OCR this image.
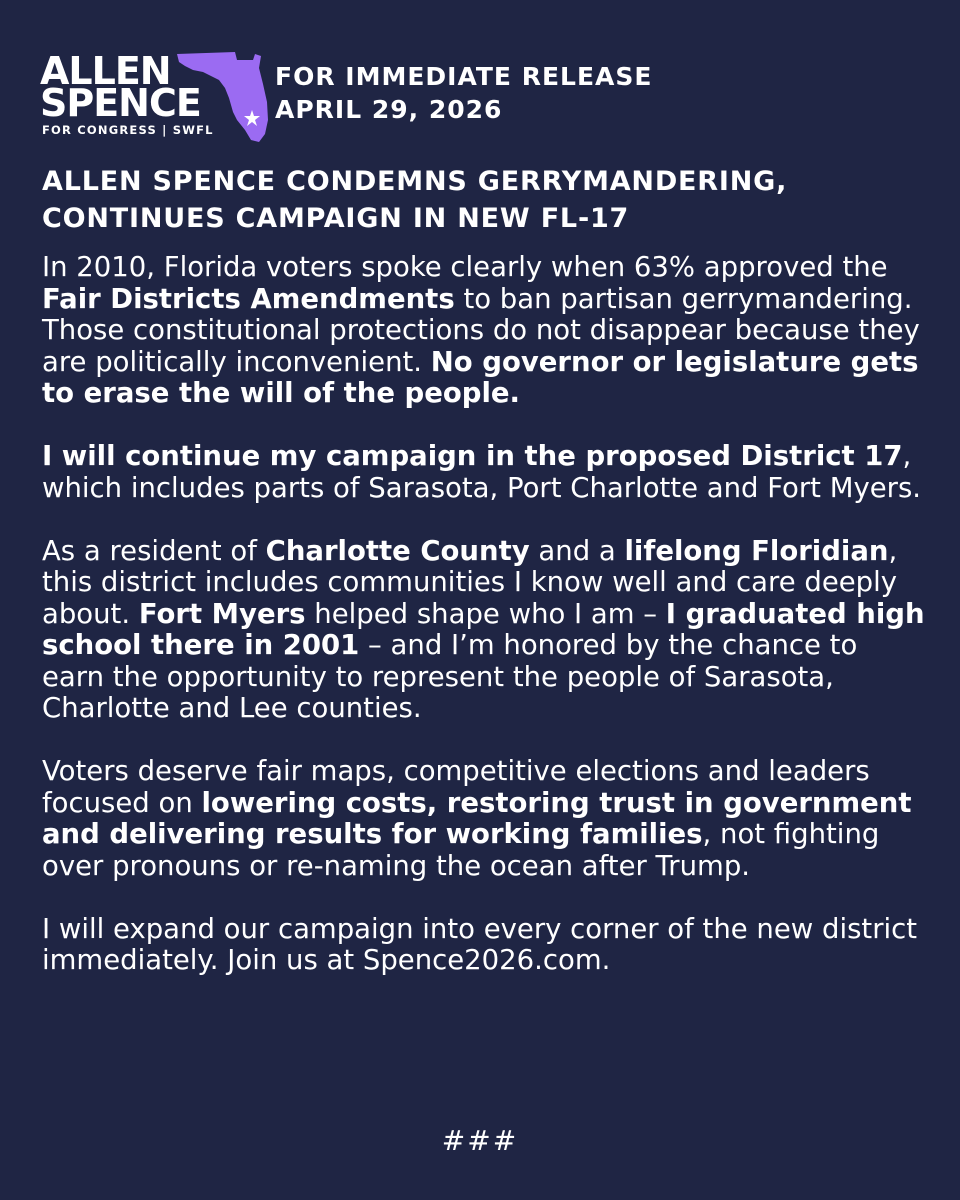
ALLEN
SPENCE
FOR CONGRESS | SWFL
FOR IMMEDIATE RELEASE
APRIL 29, 2026
ALLEN SPENCE CONDEMNS GERRYMANDERING,
CONTINUES CAMPAIGN IN NEW FL-17

In 2010, Florida voters spoke clearly when 63% approved the Fair Districts Amendments to ban partisan gerrymandering. Those constitutional protections do not disappear because they are politically inconvenient. No governor or legislature gets to erase the will of the people.

I will continue my campaign in the proposed District 17, which includes parts of Sarasota, Port Charlotte and Fort Myers.

As a resident of Charlotte County and a lifelong Floridian, this district includes communities I know well and care deeply about. Fort Myers helped shape who I am – I graduated high school there in 2001 – and I’m honored by the chance to earn the opportunity to represent the people of Sarasota, Charlotte and Lee counties.

Voters deserve fair maps, competitive elections and leaders focused on lowering costs, restoring trust in government and delivering results for working families, not fighting over pronouns or re-naming the ocean after Trump.

I will expand our campaign into every corner of the new district immediately. Join us at Spence2026.com.

###
